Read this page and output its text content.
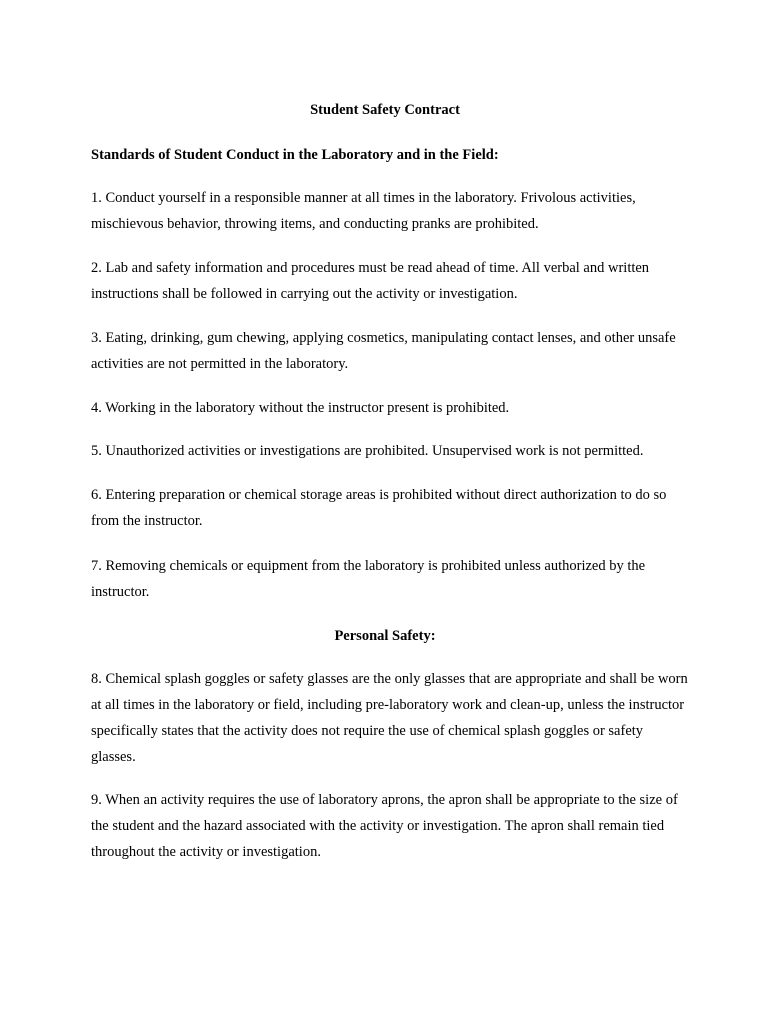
Student Safety Contract
Standards of Student Conduct in the Laboratory and in the Field:

1. Conduct yourself in a responsible manner at all times in the laboratory. Frivolous activities, mischievous behavior, throwing items, and conducting pranks are prohibited.

2. Lab and safety information and procedures must be read ahead of time. All verbal and written instructions shall be followed in carrying out the activity or investigation.

3. Eating, drinking, gum chewing, applying cosmetics, manipulating contact lenses, and other unsafe activities are not permitted in the laboratory.

4. Working in the laboratory without the instructor present is prohibited.

5. Unauthorized activities or investigations are prohibited. Unsupervised work is not permitted.

6. Entering preparation or chemical storage areas is prohibited without direct authorization to do so from the instructor.

7. Removing chemicals or equipment from the laboratory is prohibited unless authorized by the instructor.

Personal Safety:

8. Chemical splash goggles or safety glasses are the only glasses that are appropriate and shall be worn at all times in the laboratory or field, including pre-laboratory work and clean-up, unless the instructor specifically states that the activity does not require the use of chemical splash goggles or safety glasses.

9. When an activity requires the use of laboratory aprons, the apron shall be appropriate to the size of the student and the hazard associated with the activity or investigation. The apron shall remain tied throughout the activity or investigation.
